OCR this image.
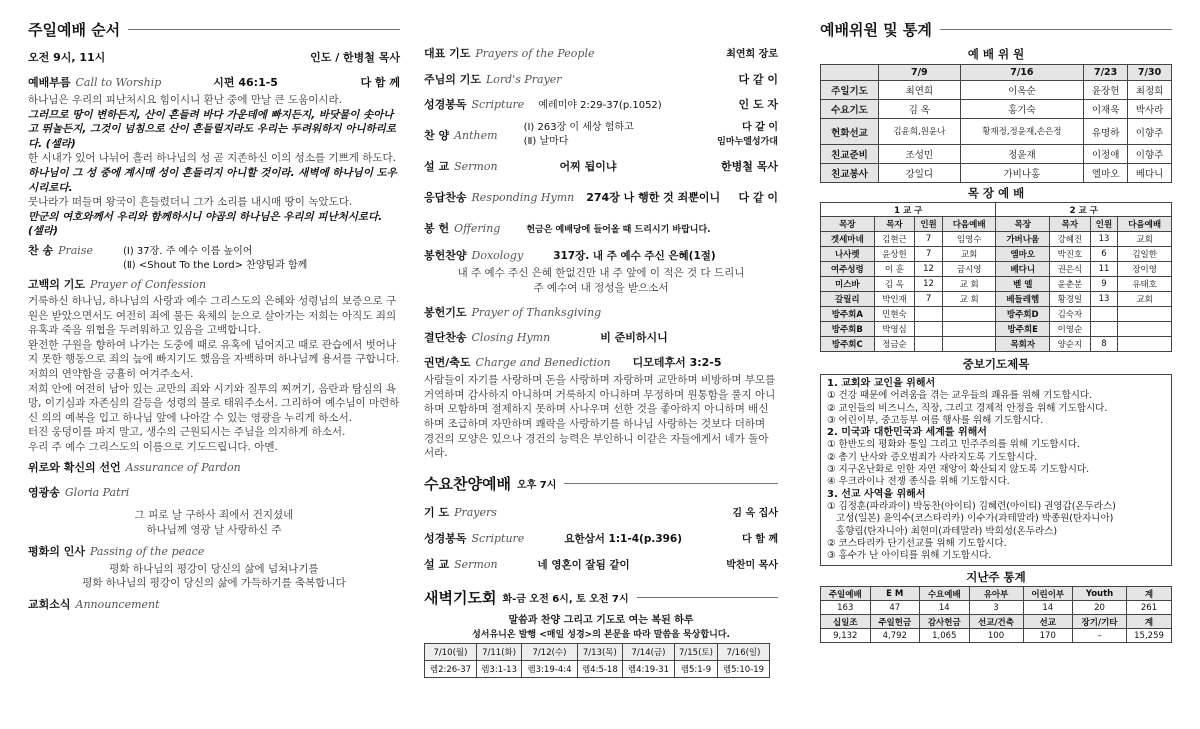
주일예배 순서
오전 9시, 11시	인도 / 한병철 목사
예배부름 Call to Worship	시편 46:1-5	다 함 께
하나님은 우리의 피난처시요 힘이시니 환난 중에 만날 큰 도움이시라.
그러므로 땅이 변하든지, 산이 흔들려 바다 가운데에 빠지든지, 바닷물이 솟아나고 뛰놀든지, 그것이 넘침으로 산이 흔들릴지라도 우리는 두려워하지 아니하리로다. (셀라)
한 시내가 있어 나뉘어 흘러 하나님의 성 곧 지존하신 이의 성소를 기쁘게 하도다.
하나님이 그 성 중에 계시매 성이 흔들리지 아니할 것이라. 새벽에 하나님이 도우시리로다.
뭇나라가 떠들며 왕국이 흔들렸더니 그가 소리를 내시매 땅이 녹았도다.
만군의 여호와께서 우리와 함께하시니 야곱의 하나님은 우리의 피난처시로다. (셀라)
찬 송 Praise	(Ⅰ) 37장. 주 예수 이름 높이어
(Ⅱ) <Shout To the Lord> 찬양팀과 함께
고백의 기도 Prayer of Confession
거룩하신 하나님, 하나님의 사랑과 예수 그리스도의 은혜와 성령님의 보증으로 구원은 받았으면서도 여전히 죄에 물든 육체의 눈으로 살아가는 저희는 아직도 죄의 유혹과 죽음 위협을 두려워하고 있음을 고백합니다.
완전한 구원을 향하여 나가는 도중에 때로 유혹에 넘어지고 때로 관습에서 벗어나지 못한 행동으로 죄의 늪에 빠지기도 했음을 자백하며 하나님께 용서를 구합니다. 저희의 연약함을 긍휼히 여겨주소서.
저희 안에 여전히 남아 있는 교만의 죄와 시기와 질투의 찌꺼기, 음란과 탐심의 욕망, 이기심과 자존심의 갈등을 성령의 불로 태워주소서. 그리하여 예수님이 마련하신 의의 예복을 입고 하나님 앞에 나아갈 수 있는 영광을 누리게 하소서.
터진 웅덩이를 파지 말고, 생수의 근원되시는 주님을 의지하게 하소서.
우리 주 예수 그리스도의 이름으로 기도드립니다. 아멘.
위로와 확신의 선언 Assurance of Pardon
영광송 Gloria Patri
그 피로 날 구하사 죄에서 건지셨네
하나님께 영광 날 사랑하신 주
평화의 인사 Passing of the peace
평화 하나님의 평강이 당신의 삶에 넘쳐나기를
평화 하나님의 평강이 당신의 삶에 가득하기를 축복합니다
교회소식 Announcement
대표 기도 Prayers of the People	최연희 장로
주님의 기도 Lord's Prayer	다 같 이
성경봉독 Scripture 예레미야 2:29-37(p.1052)	인 도 자
찬 양 Anthem
(Ⅰ) 263장 이 세상 험하고
(Ⅱ) 날마다
다 같 이
임마누엘성가대
설 교 Sermon	어찌 됩이냐	한병철 목사
응답찬송 Responding Hymn 274장 나 행한 것 죄뿐이니 다 같 이
봉 헌 Offering	헌금은 예배당에 들어올 때 드리시기 바랍니다.
봉헌찬양 Doxology	317장. 내 주 예수 주신 은혜(1절)
내 주 예수 주신 은혜 한없건만 내 주 앞에 이 적은 것 다 드리니
주 예수여 내 정성을 받으소서
봉헌기도 Prayer of Thanksgiving
결단찬송 Closing Hymn	비 준비하시니
권면/축도 Charge and Benediction 디모데후서 3:2-5
사람들이 자기를 사랑하며 돈을 사랑하며 자랑하며 교만하며 비방하며 부모를 거역하며 감사하지 아니하며 거룩하지 아니하며 무정하며 원통함을 풀지 아니하며 모함하며 절제하지 못하며 사나우며 선한 것을 좋아하지 아니하며 배신하며 조급하며 자만하며 쾌락을 사랑하기를 하나님 사랑하는 것보다 더하며 경건의 모양은 있으나 경건의 능력은 부인하니 이같은 자들에게서 네가 돌아서라.
수요찬양예배 오후 7시
기 도 Prayers	김 옥 집사
성경봉독 Scripture	요한삼서 1:1-4(p.396)	다 함 께
설 교 Sermon	네 영혼이 잘됨 같이	박찬미 목사
새벽기도회 화-금 오전 6시, 토 오전 7시
말씀과 찬양 그리고 기도로 여는 복된 하루
성서유니온 발행 <매일 성경>의 본문을 따라 말씀을 묵상합니다.
7/10(월)	7/11(화)	7/12(수)	7/13(목)	7/14(금)	7/15(토)	7/16(일)
렘2:26-37	렘3:1-13	렘3:19-4:4	렘4:5-18	렘4:19-31	렘5:1-9	렘5:10-19
예배위원 및 통계
예 배 위 원
	7/9	7/16	7/23	7/30
주일기도	최연희	이옥순	윤장헌	최정희
수요기도	김 옥	홍기숙	이재욱	박사라
헌화선교	김윤희,원윤나	황재정,정윤재,손은정	유명하	이향주
친교준비	조성민	정윤재	이정애	이향주
친교봉사	강일디	가비나홍	엘마오	베다니
목 장 예 배
1 교 구				2 교 구			
목장	목자	인원	다음예배	목장	목자	인원	다음예배
겟세마네	김현근	7	임영수	가버나움	강혜진	13	교회
나사렛	윤상헌	7	교회	엠마오	박진호	6	김일한
여주성령	이 훈	12	금시영	베다니	권은식	11	장이영
미스바	김 옥	12	교 회	벧 엘	윤춘분	9	유태호
갈릴리	박인재	7	교 회	베들레헴	황경일	13	교회
방주회A	민현숙			방주회D	김숙자		
방주회B	박영심			방주회E	이영순		
방주회C	정금순			목회자	양순지	8	
중보기도제목
1. 교회와 교인을 위해서
① 건강 때문에 어려움을 겪는 교우들의 쾌유를 위해 기도합시다.
② 교인들의 비즈니스, 직장, 그리고 경제적 안정을 위해 기도합시다.
③ 어린이부, 중고등부 여름 행사를 위해 기도합시다.
2. 미국과 대한민국과 세계를 위해서
① 한반도의 평화와 통일 그리고 민주주의를 위해 기도합시다.
② 총기 난사와 증오범죄가 사라지도록 기도합시다.
③ 지구온난화로 인한 자연 재앙이 확산되지 않도록 기도합시다.
④ 우크라이나 전쟁 종식을 위해 기도합시다.
3. 선교 사역을 위해서
① 김정훈(파라과이) 박동찬(아이티) 김혜련(아이티) 권영갑(온두라스)
고성(일본) 윤익수(코스타리카) 이수가(과테말라) 박종원(탄자니아)
홍향림(탄자니아) 최현미(과테말라) 박희성(온두라스)
② 코스타리카 단기선교를 위해 기도합시다.
③ 홍수가 난 아이티를 위해 기도합시다.
지난주 통계
주일예배	E M	수요예배	유아부	어린이부	Youth	계
163	47	14	3	14	20	261
십일조	주일헌금	감사헌금	선교/건축	선교	장기/기타	계
9,132	4,792	1,065	100	170	–	15,259
